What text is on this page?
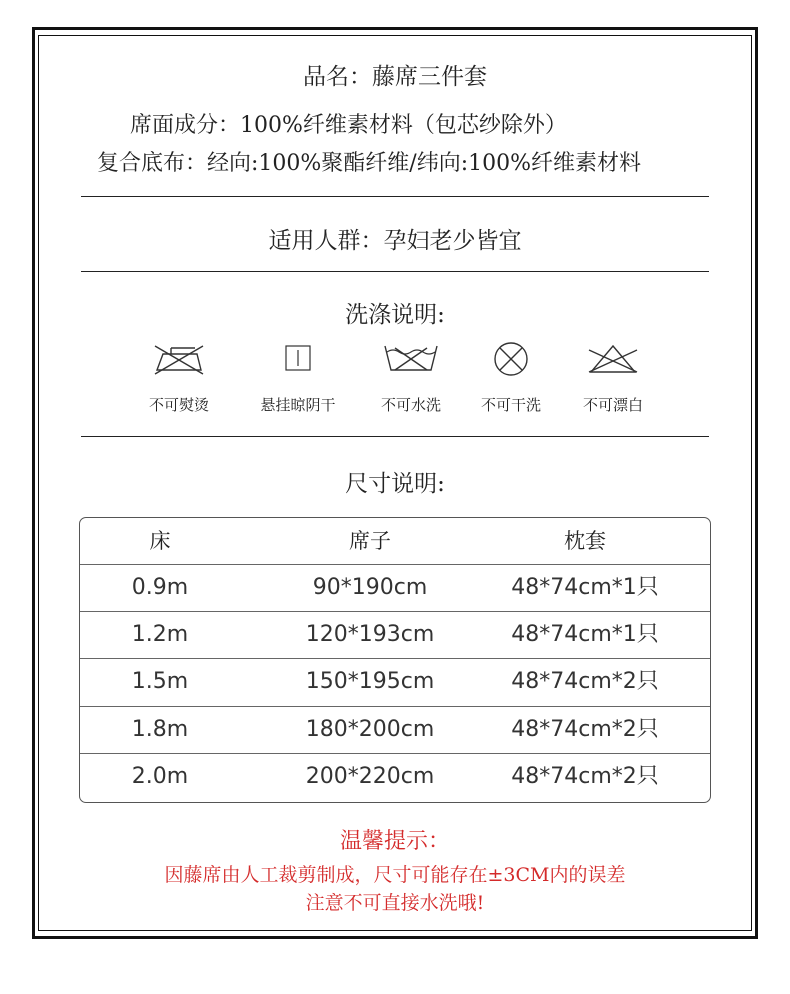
品名：藤席三件套
席面成分：100%纤维素材料（包芯纱除外）
复合底布：经向:100%聚酯纤维/纬向:100%纤维素材料
适用人群：孕妇老少皆宜
洗涤说明:
不可熨烫	悬挂晾阴干	不可水洗	不可干洗	不可漂白
尺寸说明:
床	席子	枕套
0.9m	90*190cm	48*74cm*1只
1.2m	120*193cm	48*74cm*1只
1.5m	150*195cm	48*74cm*2只
1.8m	180*200cm	48*74cm*2只
2.0m	200*220cm	48*74cm*2只
温馨提示：
因藤席由人工裁剪制成，尺寸可能存在±3CM内的误差
注意不可直接水洗哦!
